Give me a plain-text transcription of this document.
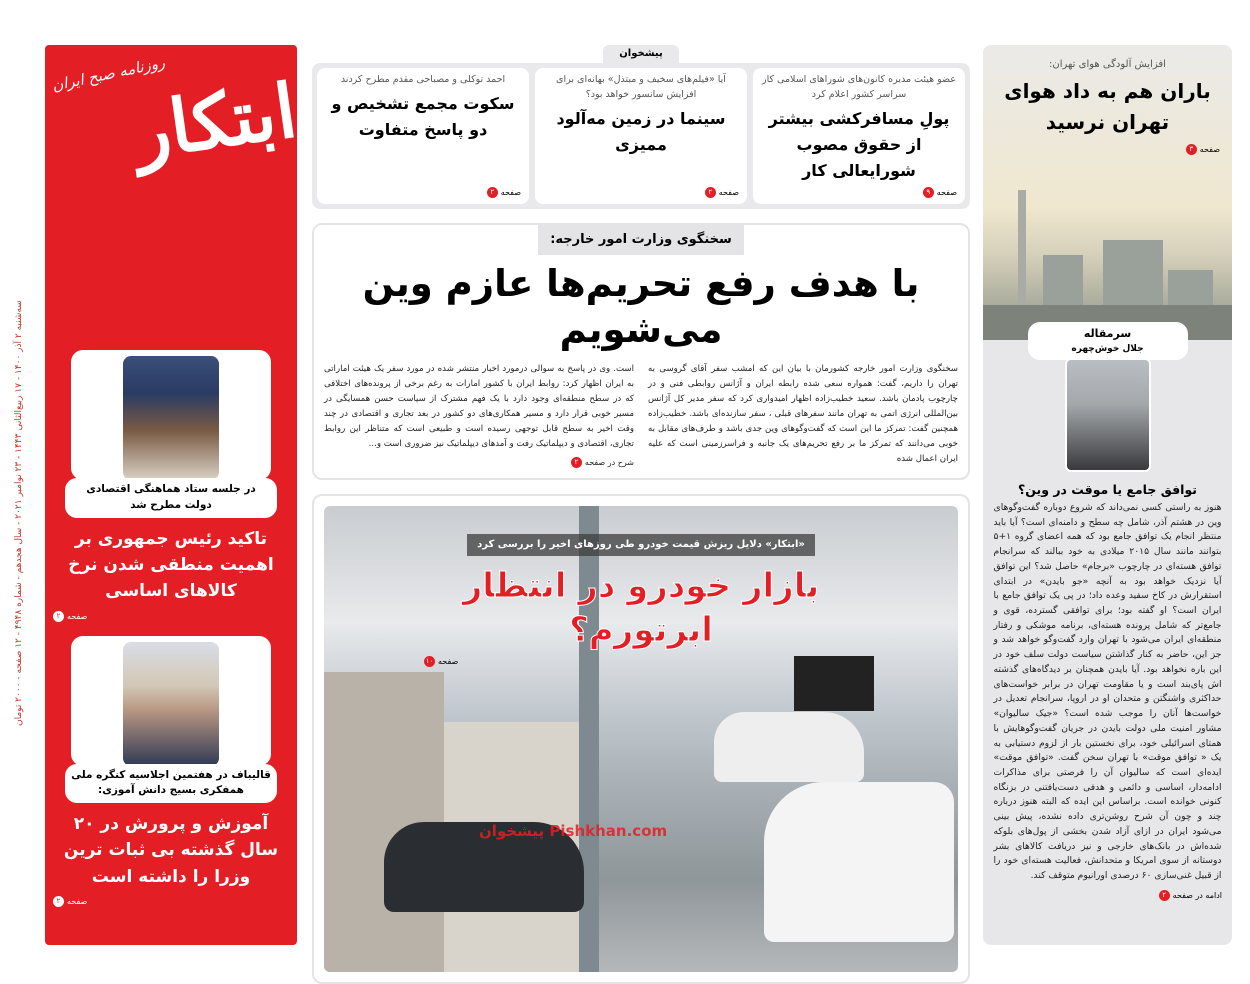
سه‌شنبه ۲ آذر ۱۴۰۰ - ۱۷ ربیع‌الثانی ۱۴۴۳ - ۲۳ نوامبر ۲۰۲۱ - سال هجدهم - شماره ۴۹۴۸ - ۱۲ صفحه - ۲۰۰۰ تومان
ابتکار
روزنامه صبح ایران
در جلسه ستاد هماهنگی اقتصادی دولت مطرح شد
تاکید رئیس جمهوری بر اهمیت منطقی شدن نرخ کالاهای اساسی
صفحه
۲
قالیباف در هفتمین اجلاسیه کنگره ملی همفکری بسیج دانش آموزی:
آموزش و پرورش در ۲۰ سال گذشته بی ثبات ترین وزرا را داشته است
صفحه
۲
پیشخوان
عضو هیئت مدیره کانون‌های شوراهای اسلامی کار سراسر کشور اعلام کرد
پولِ مسافرکشی بیشتر از حقوق مصوب شورایعالی کار
صفحه
۹
آیا «فیلم‌های سخیف و مبتذل» بهانه‌ای برای افزایش سانسور خواهد بود؟
سینما در زمین مه‌آلود ممیزی
صفحه
۲
احمد توکلی و مصباحی مقدم مطرح کردند
سکوت مجمع تشخیص و دو پاسخ متفاوت
صفحه
۲
سخنگوی وزارت امور خارجه:
با هدف رفع تحریم‌ها عازم وین می‌شویم
سخنگوی وزارت امور خارجه کشورمان با بیان این که امشب سفر آقای گروسی به تهران را داریم، گفت: همواره سعی شده رابطه ایران و آژانس روابطی فنی و در چارچوب پادمان باشد. سعید خطیب‌زاده اظهار امیدواری کرد که سفر مدیر کل آژانس بین‌المللی انرژی اتمی به تهران مانند سفرهای قبلی ، سفر سازنده‌ای باشد. خطیب‌زاده همچنین گفت: تمرکز ما این است که گفت‌وگوهای وین جدی باشد و طرف‌های مقابل به خوبی می‌دانند که تمرکز ما بر رفع تحریم‌های یک جانبه و فراسرزمینی است که علیه ایران اعمال شده
است. وی در پاسخ به سوالی درمورد اخبار منتشر شده در مورد سفر یک هیئت اماراتی به ایران اظهار کرد: روابط ایران با کشور امارات به رغم برخی از پرونده‌های اختلافی که در سطح منطقه‌ای وجود دارد با یک فهم مشترک از سیاست حسن همسایگی در مسیر خوبی قرار دارد و مسیر همکاری‌های دو کشور در بعد تجاری و اقتصادی در چند وقت اخیر به سطح قابل توجهی رسیده است و طبیعی است که متناظر این روابط تجاری، اقتصادی و دیپلماتیک رفت و آمدهای دیپلماتیک نیز ضروری است و...
شرح در صفحه
۲
«ابتکار» دلایل ریزش قیمت خودرو طی روزهای اخیر را بررسی کرد
بازار خودرو در انتظار ابرتورم؟
صفحه
۱۰
پیشخوان Pishkhan.com
افزایش آلودگی هوای تهران:
باران هم به داد هوای تهران نرسید
صفحه
۳
سرمقاله
جلال خوش‌چهره
توافق جامع یا موقت در وین؟
هنوز به راستی کسی نمی‌داند که شروع دوباره گفت‌وگوهای وین در هشتم آذر، شامل چه سطح و دامنه‌ای است؟ آیا باید منتظر انجام یک توافق جامع بود که همه اعضای گروه ۱+۵ بتوانند مانند سال ۲۰۱۵ میلادی به خود ببالند که سرانجام توافق هسته‌ای در چارچوب «برجام» حاصل شد؟ این توافق آیا نزدیک خواهد بود به آنچه «جو بایدن» در ابتدای استقرارش در کاخ سفید وعده داد؛ در پی یک توافق جامع با ایران است؟ او گفته بود؛ برای توافقی گسترده، قوی و جامع‌تر که شامل پرونده هسته‌ای، برنامه موشکی و رفتار منطقه‌ای ایران می‌شود با تهران وارد گفت‌وگو خواهد شد و جز این، حاضر به کنار گذاشتن سیاست دولت سلف خود در این باره نخواهد بود. آیا بایدن همچنان بر دیدگاه‌های گذشته اش پای‌بند است و یا مقاومت تهران در برابر خواست‌های حداکثری واشنگتن و متحدان او در اروپا، سرانجام تعدیل در خواست‌ها آنان را موجب شده است؟ «جیک سالیوان» مشاور امنیت ملی دولت بایدن در جریان گفت‌وگوهایش با همتای اسرائیلی خود، برای نخستین بار از لزوم دستیابی به یک « توافق موقت» با تهران سخن گفت. «توافق موقت» ایده‌ای است که سالیوان آن را فرصتی برای مذاکرات ادامه‌دار، اساسی و دائمی و هدفی دست‌یافتنی در بزنگاه کنونی خوانده است. براساس این ایده که البته هنوز درباره چند و چون آن شرح روشن‌تری داده نشده، پیش بینی می‌شود ایران در ازای آزاد شدن بخشی از پول‌های بلوکه شده‌اش در بانک‌های خارجی و نیز دریافت کالاهای بشر دوستانه از سوی امریکا و متحدانش، فعالیت هسته‌ای خود را از قبیل غنی‌سازی ۶۰ درصدی اورانیوم متوقف کند.
ادامه در صفحه
۲
